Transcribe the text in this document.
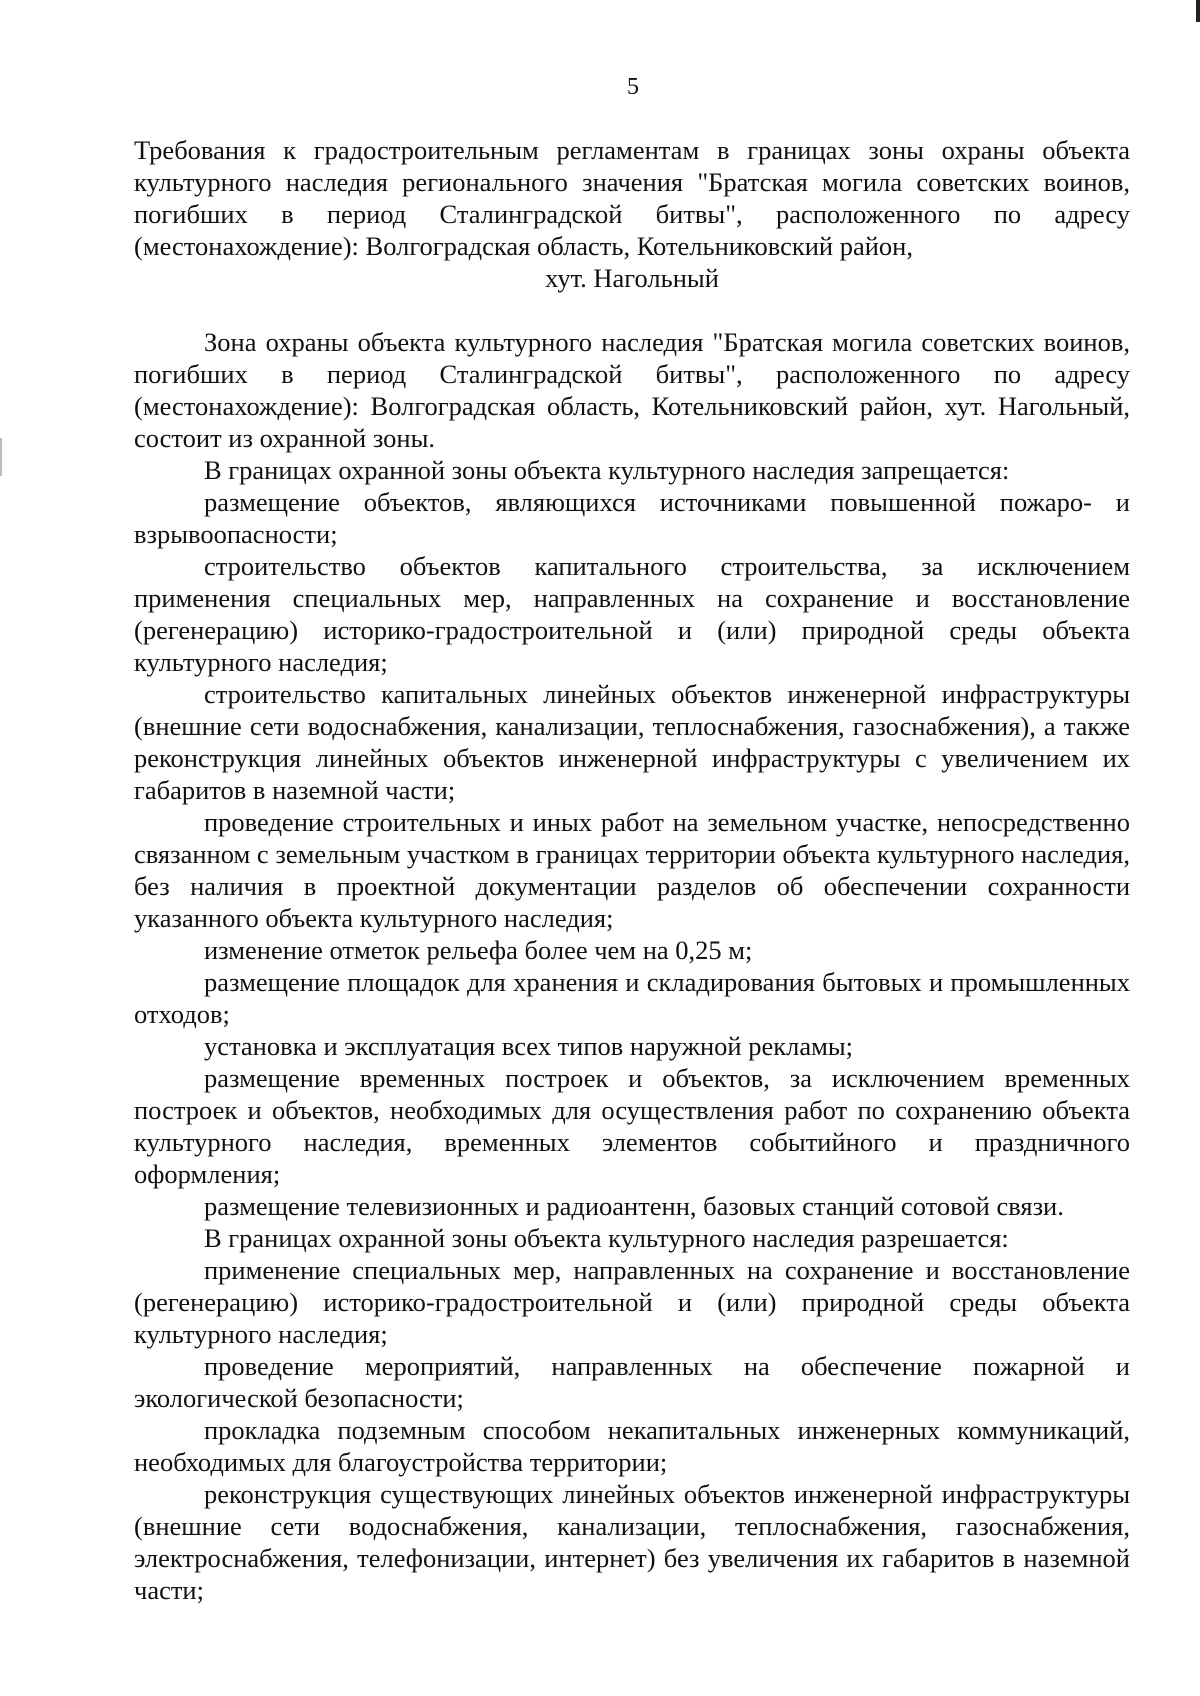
5
Требования к градостроительным регламентам в границах зоны охраны объекта культурного наследия регионального значения "Братская могила советских воинов, погибших в период Сталинградской битвы", расположенного по адресу (местонахождение): Волгоградская область, Котельниковский район,
хут. Нагольный

Зона охраны объекта культурного наследия "Братская могила советских воинов, погибших в период Сталинградской битвы", расположенного по адресу (местонахождение): Волгоградская область, Котельниковский район, хут. Нагольный, состоит из охранной зоны.

В границах охранной зоны объекта культурного наследия запрещается:

размещение объектов, являющихся источниками повышенной пожаро- и взрывоопасности;

строительство объектов капитального строительства, за исключением применения специальных мер, направленных на сохранение и восстановление (регенерацию) историко-градостроительной и (или) природной среды объекта культурного наследия;

строительство капитальных линейных объектов инженерной инфраструктуры (внешние сети водоснабжения, канализации, теплоснабжения, газоснабжения), а также реконструкция линейных объектов инженерной инфраструктуры с увеличением их габаритов в наземной части;

проведение строительных и иных работ на земельном участке, непосредственно связанном с земельным участком в границах территории объекта культурного наследия, без наличия в проектной документации разделов об обеспечении сохранности указанного объекта культурного наследия;

изменение отметок рельефа более чем на 0,25 м;

размещение площадок для хранения и складирования бытовых и промышленных отходов;

установка и эксплуатация всех типов наружной рекламы;

размещение временных построек и объектов, за исключением временных построек и объектов, необходимых для осуществления работ по сохранению объекта культурного наследия, временных элементов событийного и праздничного оформления;

размещение телевизионных и радиоантенн, базовых станций сотовой связи.

В границах охранной зоны объекта культурного наследия разрешается:

применение специальных мер, направленных на сохранение и восстановление (регенерацию) историко-градостроительной и (или) природной среды объекта культурного наследия;

проведение мероприятий, направленных на обеспечение пожарной и экологической безопасности;

прокладка подземным способом некапитальных инженерных коммуникаций, необходимых для благоустройства территории;

реконструкция существующих линейных объектов инженерной инфраструктуры (внешние сети водоснабжения, канализации, теплоснабжения, газоснабжения, электроснабжения, телефонизации, интернет) без увеличения их габаритов в наземной части;
